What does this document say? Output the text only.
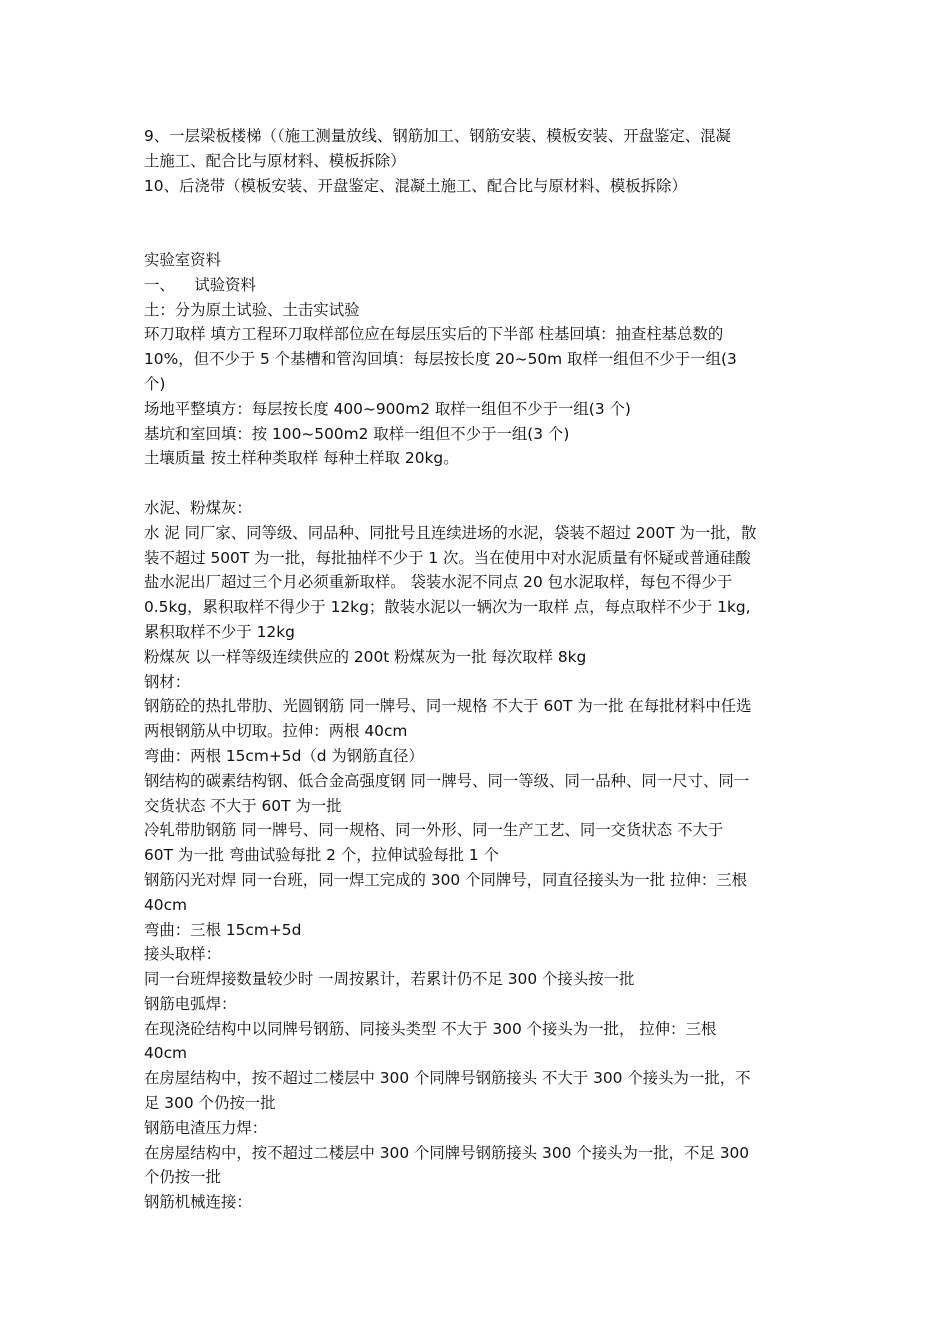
9、一层梁板楼梯（（施工测量放线、钢筋加工、钢筋安装、模板安装、开盘鉴定、混凝

土施工、配合比与原材料、模板拆除）

10、后浇带（模板安装、开盘鉴定、混凝土施工、配合比与原材料、模板拆除）

实验室资料

一、    试验资料

土：分为原土试验、土击实试验

环刀取样 填方工程环刀取样部位应在每层压实后的下半部 柱基回填：抽查柱基总数的

10%，但不少于 5 个基槽和管沟回填：每层按长度 20~50m 取样一组但不少于一组(3

个)

场地平整填方：每层按长度 400~900m2 取样一组但不少于一组(3 个)

基坑和室回填：按 100~500m2 取样一组但不少于一组(3 个)

土壤质量 按土样种类取样 每种土样取 20kg。

水泥、粉煤灰：

水 泥 同厂家、同等级、同品种、同批号且连续进场的水泥，袋装不超过 200T 为一批，散

装不超过 500T 为一批，每批抽样不少于 1 次。当在使用中对水泥质量有怀疑或普通硅酸

盐水泥出厂超过三个月必须重新取样。 袋装水泥不同点 20 包水泥取样，每包不得少于

0.5kg，累积取样不得少于 12kg；散装水泥以一辆次为一取样 点，每点取样不少于 1kg,

累积取样不少于 12kg

粉煤灰 以一样等级连续供应的 200t 粉煤灰为一批 每次取样 8kg

钢材：

钢筋砼的热扎带肋、光圆钢筋 同一牌号、同一规格 不大于 60T 为一批 在每批材料中任选

两根钢筋从中切取。拉伸：两根 40cm

弯曲：两根 15cm+5d（d 为钢筋直径）

钢结构的碳素结构钢、低合金高强度钢 同一牌号、同一等级、同一品种、同一尺寸、同一

交货状态 不大于 60T 为一批

冷轧带肋钢筋 同一牌号、同一规格、同一外形、同一生产工艺、同一交货状态 不大于

60T 为一批 弯曲试验每批 2 个，拉伸试验每批 1 个

钢筋闪光对焊 同一台班，同一焊工完成的 300 个同牌号，同直径接头为一批 拉伸：三根

40cm

弯曲：三根 15cm+5d

接头取样：

同一台班焊接数量较少时 一周按累计，若累计仍不足 300 个接头按一批

钢筋电弧焊：

在现浇砼结构中以同牌号钢筋、同接头类型 不大于 300 个接头为一批， 拉伸：三根

40cm

在房屋结构中，按不超过二楼层中 300 个同牌号钢筋接头 不大于 300 个接头为一批，不

足 300 个仍按一批

钢筋电渣压力焊：

在房屋结构中，按不超过二楼层中 300 个同牌号钢筋接头 300 个接头为一批，不足 300

个仍按一批

钢筋机械连接：
